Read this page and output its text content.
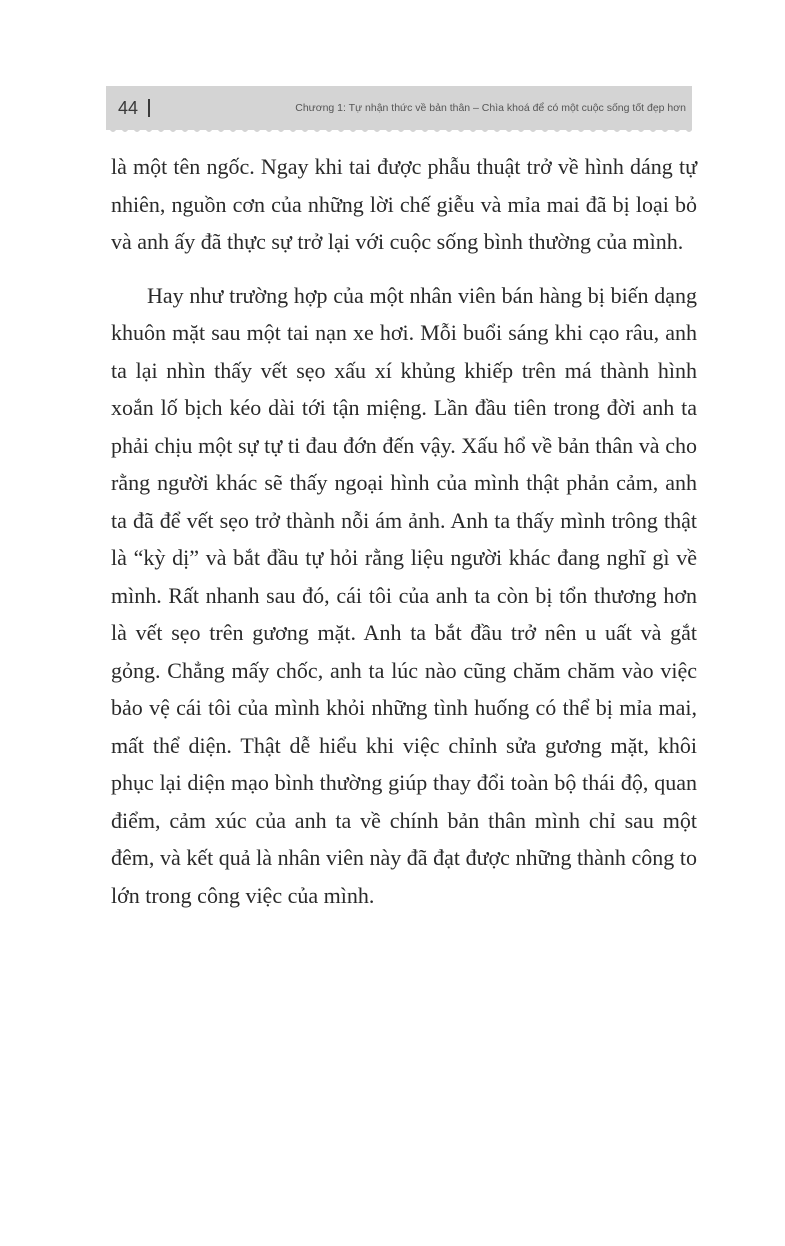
44	Chương 1: Tự nhận thức về bản thân – Chìa khoá để có một cuộc sống tốt đẹp hơn

là một tên ngốc. Ngay khi tai được phẫu thuật trở về hình dáng tự nhiên, nguồn cơn của những lời chế giễu và mỉa mai đã bị loại bỏ và anh ấy đã thực sự trở lại với cuộc sống bình thường của mình.

Hay như trường hợp của một nhân viên bán hàng bị biến dạng khuôn mặt sau một tai nạn xe hơi. Mỗi buổi sáng khi cạo râu, anh ta lại nhìn thấy vết sẹo xấu xí khủng khiếp trên má thành hình xoắn lố bịch kéo dài tới tận miệng. Lần đầu tiên trong đời anh ta phải chịu một sự tự ti đau đớn đến vậy. Xấu hổ về bản thân và cho rằng người khác sẽ thấy ngoại hình của mình thật phản cảm, anh ta đã để vết sẹo trở thành nỗi ám ảnh. Anh ta thấy mình trông thật là “kỳ dị” và bắt đầu tự hỏi rằng liệu người khác đang nghĩ gì về mình. Rất nhanh sau đó, cái tôi của anh ta còn bị tổn thương hơn là vết sẹo trên gương mặt. Anh ta bắt đầu trở nên u uất và gắt gỏng. Chẳng mấy chốc, anh ta lúc nào cũng chăm chăm vào việc bảo vệ cái tôi của mình khỏi những tình huống có thể bị mỉa mai, mất thể diện. Thật dễ hiểu khi việc chỉnh sửa gương mặt, khôi phục lại diện mạo bình thường giúp thay đổi toàn bộ thái độ, quan điểm, cảm xúc của anh ta về chính bản thân mình chỉ sau một đêm, và kết quả là nhân viên này đã đạt được những thành công to lớn trong công việc của mình.
